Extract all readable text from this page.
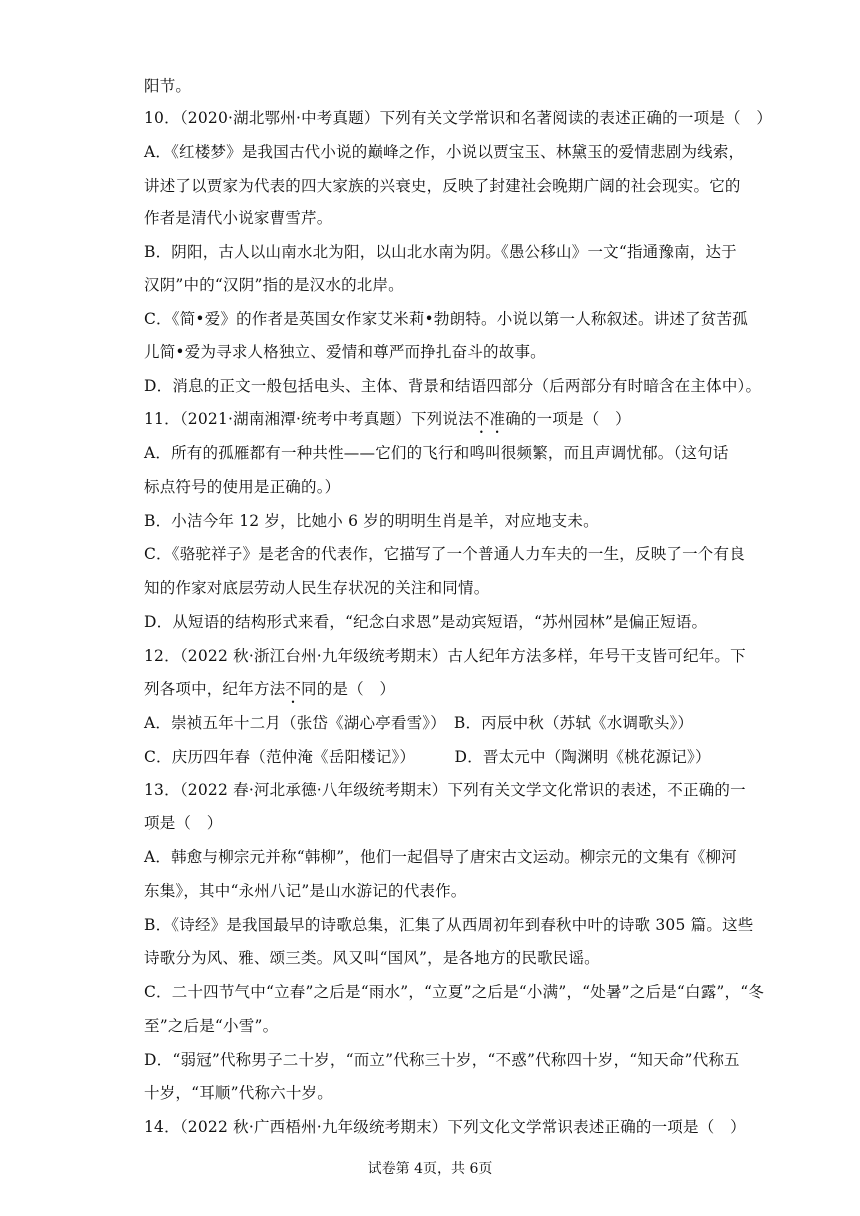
阳节。
10．（2020·湖北鄂州·中考真题）下列有关文学常识和名著阅读的表述正确的一项是（　）
A．《红楼梦》是我国古代小说的巅峰之作，小说以贾宝玉、林黛玉的爱情悲剧为线索，
讲述了以贾家为代表的四大家族的兴衰史，反映了封建社会晚期广阔的社会现实。它的
作者是清代小说家曹雪芹。
B．阴阳，古人以山南水北为阳，以山北水南为阴。《愚公移山》一文“指通豫南，达于
汉阴”中的“汉阴”指的是汉水的北岸。
C．《简•爱》的作者是英国女作家艾米莉•勃朗特。小说以第一人称叙述。讲述了贫苦孤
儿简•爱为寻求人格独立、爱情和尊严而挣扎奋斗的故事。
D．消息的正文一般包括电头、主体、背景和结语四部分（后两部分有时暗含在主体中）。
11．（2021·湖南湘潭·统考中考真题）下列说法不准确的一项是（　）
A．所有的孤雁都有一种共性——它们的飞行和鸣叫很频繁，而且声调忧郁。（这句话
标点符号的使用是正确的。）
B．小洁今年 12 岁，比她小 6 岁的明明生肖是羊，对应地支未。
C．《骆驼祥子》是老舍的代表作，它描写了一个普通人力车夫的一生，反映了一个有良
知的作家对底层劳动人民生存状况的关注和同情。
D．从短语的结构形式来看，“纪念白求恩”是动宾短语，“苏州园林”是偏正短语。
12．（2022 秋·浙江台州·九年级统考期末）古人纪年方法多样，年号干支皆可纪年。下
列各项中，纪年方法不同的是（　）
A．崇祯五年十二月（张岱《湖心亭看雪》）　B．丙辰中秋（苏轼《水调歌头》）
C．庆历四年春（范仲淹《岳阳楼记》）　　　D．晋太元中（陶渊明《桃花源记》）
13．（2022 春·河北承德·八年级统考期末）下列有关文学文化常识的表述，不正确的一
项是（　）
A．韩愈与柳宗元并称“韩柳”，他们一起倡导了唐宋古文运动。柳宗元的文集有《柳河
东集》，其中“永州八记”是山水游记的代表作。
B．《诗经》是我国最早的诗歌总集，汇集了从西周初年到春秋中叶的诗歌 305 篇。这些
诗歌分为风、雅、颂三类。风又叫“国风”，是各地方的民歌民谣。
C．二十四节气中“立春”之后是“雨水”，“立夏”之后是“小满”，“处暑”之后是“白露”，“冬
至”之后是“小雪”。
D．“弱冠”代称男子二十岁，“而立”代称三十岁，“不惑”代称四十岁，“知天命”代称五
十岁，“耳顺”代称六十岁。
14．（2022 秋·广西梧州·九年级统考期末）下列文化文学常识表述正确的一项是（　）
试卷第 4页，共 6页
